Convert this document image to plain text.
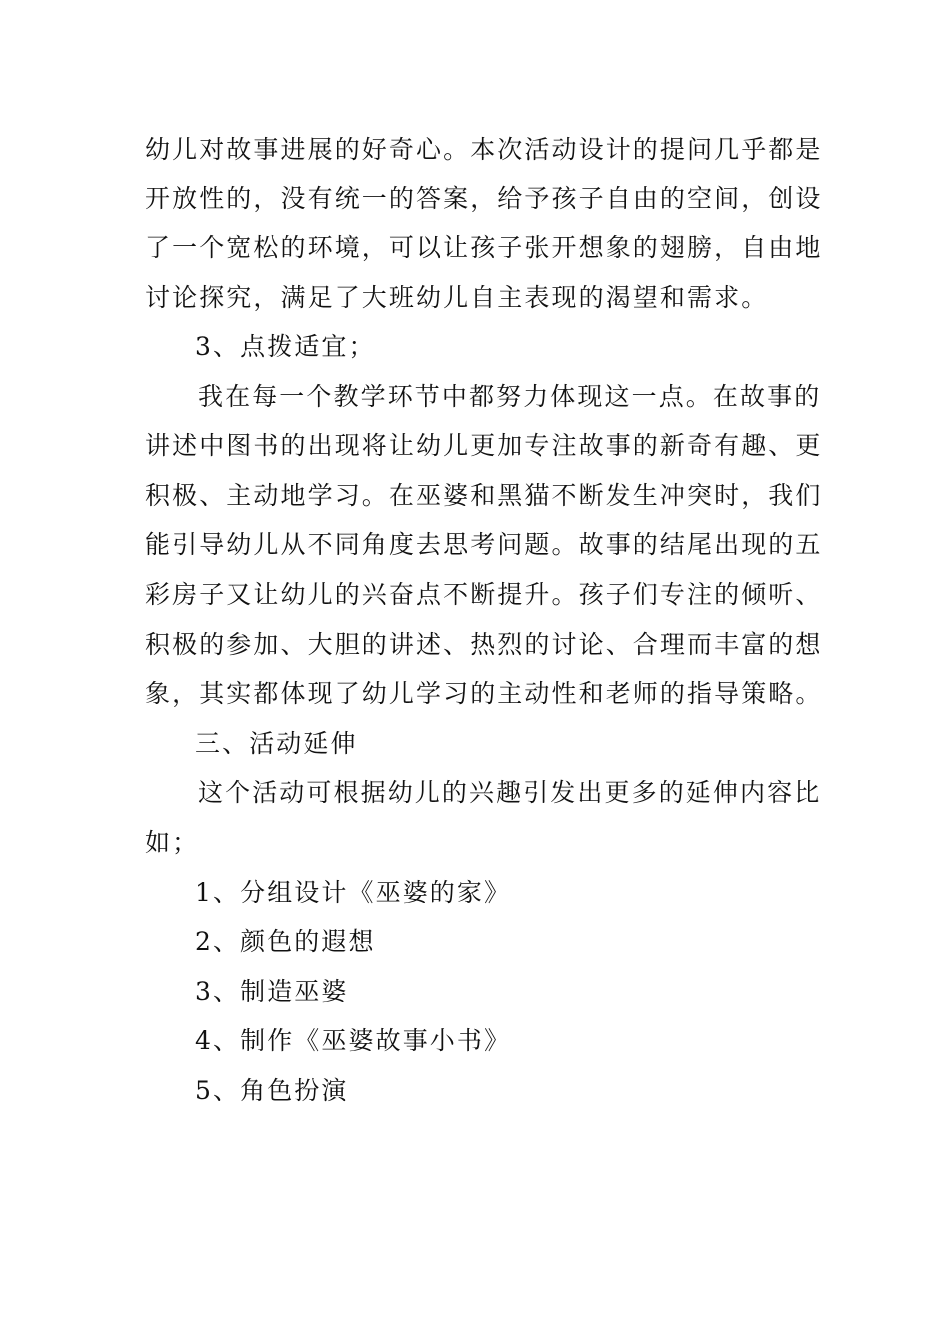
幼儿对故事进展的好奇心。本次活动设计的提问几乎都是
开放性的，没有统一的答案，给予孩子自由的空间，创设
了一个宽松的环境，可以让孩子张开想象的翅膀，自由地
讨论探究，满足了大班幼儿自主表现的渴望和需求。
3、点拨适宜；
我在每一个教学环节中都努力体现这一点。在故事的
讲述中图书的出现将让幼儿更加专注故事的新奇有趣、更
积极、主动地学习。在巫婆和黑猫不断发生冲突时，我们
能引导幼儿从不同角度去思考问题。故事的结尾出现的五
彩房子又让幼儿的兴奋点不断提升。孩子们专注的倾听、
积极的参加、大胆的讲述、热烈的讨论、合理而丰富的想
象，其实都体现了幼儿学习的主动性和老师的指导策略。
三、活动延伸
这个活动可根据幼儿的兴趣引发出更多的延伸内容比
如；
1、分组设计《巫婆的家》
2、颜色的遐想
3、制造巫婆
4、制作《巫婆故事小书》
5、角色扮演
